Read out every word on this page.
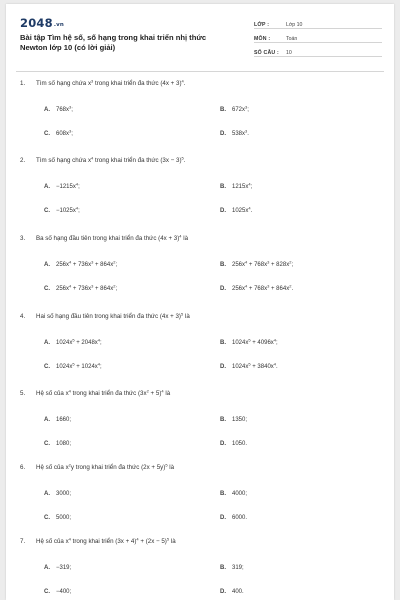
2048.vn
Bài tập Tìm hệ số, số hạng trong khai triển nhị thức Newton lớp 10 (có lời giải)
LỚP :	Lớp 10
MÔN :	Toán
SỐ CÂU :	10
1. Tìm số hạng chứa $x^3$ trong khai triển đa thức $(4x + 3)^4$.
A. $768x^3$;	B. $672x^3$;
C. $608x^3$;	D. $538x^3$.
2. Tìm số hạng chứa $x^4$ trong khai triển đa thức $(3x - 3)^5$.
A. $-1215x^4$;	B. $1215x^4$;
C. $-1025x^4$;	D. $1025x^4$.
3. Ba số hạng đầu tiên trong khai triển đa thức $(4x + 3)^4$ là
A. $256x^4 + 736x^3 + 864x^2$;	B. $256x^4 + 768x^3 + 828x^2$;
C. $256x^4 + 736x^3 + 864x^2$;	D. $256x^4 + 768x^3 + 864x^2$.
4. Hai số hạng đầu tiên trong khai triển đa thức $(4x + 3)^5$ là
A. $1024x^5 + 2048x^4$;	B. $1024x^5 + 4096x^4$;
C. $1024x^5 + 1024x^4$;	D. $1024x^5 + 3840x^4$.
5. Hệ số của $x^4$ trong khai triển đa thức $(3x^2 + 5)^4$ là
A. 1660;	B. 1350;
C. 1080;	D. 1050.
6. Hệ số của $x^2y$ trong khai triển đa thức $(2x + 5y)^5$ là
A. 3000;	B. 4000;
C. 5000;	D. 6000.
7. Hệ số của $x^4$ trong khai triển $(3x + 4)^4 + (2x - 5)^5$ là
A. −319;	B. 319;
C. −400;	D. 400.
